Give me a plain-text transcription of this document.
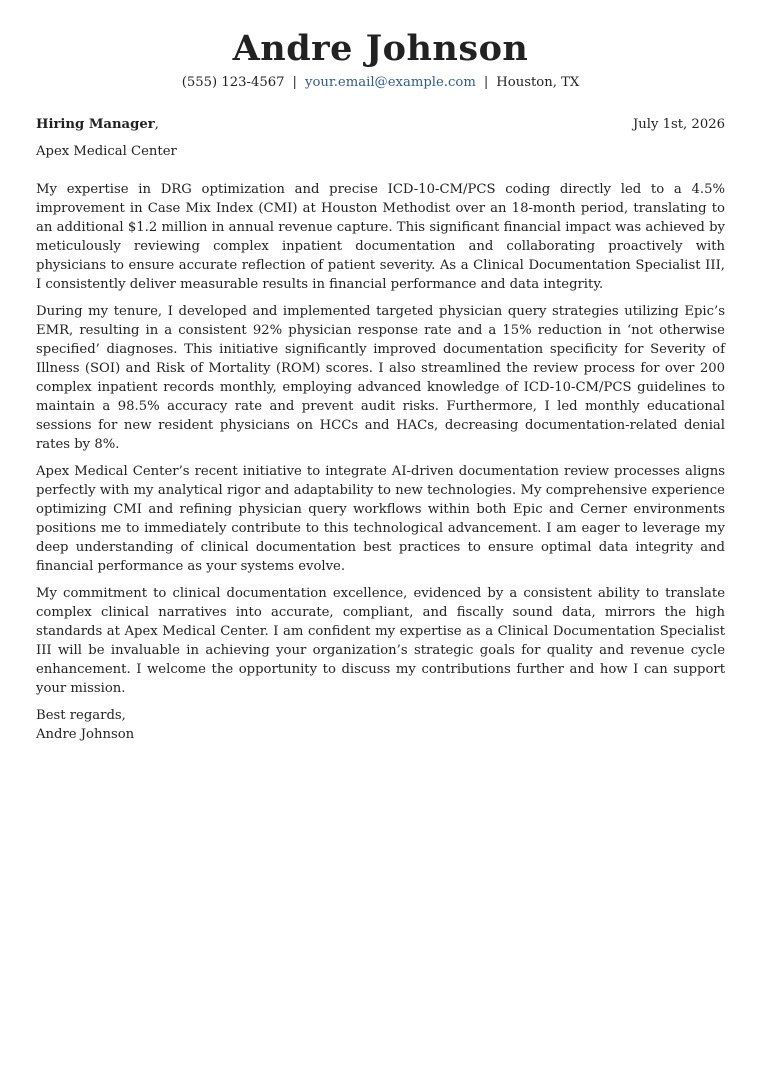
Andre Johnson
(555) 123-4567 | your.email@example.com | Houston, TX
Hiring Manager,	July 1st, 2026
Apex Medical Center

My expertise in DRG optimization and precise ICD-10-CM/PCS coding directly led to a 4.5% improvement in Case Mix Index (CMI) at Houston Methodist over an 18-month period, translating to an additional $1.2 million in annual revenue capture. This significant financial impact was achieved by meticulously reviewing complex inpatient documentation and collaborating proactively with physicians to ensure accurate reflection of patient severity. As a Clinical Documentation Specialist III, I consistently deliver measurable results in financial performance and data integrity.

During my tenure, I developed and implemented targeted physician query strategies utilizing Epic’s EMR, resulting in a consistent 92% physician response rate and a 15% reduction in ‘not otherwise specified’ diagnoses. This initiative significantly improved documentation specificity for Severity of Illness (SOI) and Risk of Mortality (ROM) scores. I also streamlined the review process for over 200 complex inpatient records monthly, employing advanced knowledge of ICD-10-CM/PCS guidelines to maintain a 98.5% accuracy rate and prevent audit risks. Furthermore, I led monthly educational sessions for new resident physicians on HCCs and HACs, decreasing documentation-related denial rates by 8%.

Apex Medical Center’s recent initiative to integrate AI-driven documentation review processes aligns perfectly with my analytical rigor and adaptability to new technologies. My comprehensive experience optimizing CMI and refining physician query workflows within both Epic and Cerner environments positions me to immediately contribute to this technological advancement. I am eager to leverage my deep understanding of clinical documentation best practices to ensure optimal data integrity and financial performance as your systems evolve.

My commitment to clinical documentation excellence, evidenced by a consistent ability to translate complex clinical narratives into accurate, compliant, and fiscally sound data, mirrors the high standards at Apex Medical Center. I am confident my expertise as a Clinical Documentation Specialist III will be invaluable in achieving your organization’s strategic goals for quality and revenue cycle enhancement. I welcome the opportunity to discuss my contributions further and how I can support your mission.

Best regards,
Andre Johnson
